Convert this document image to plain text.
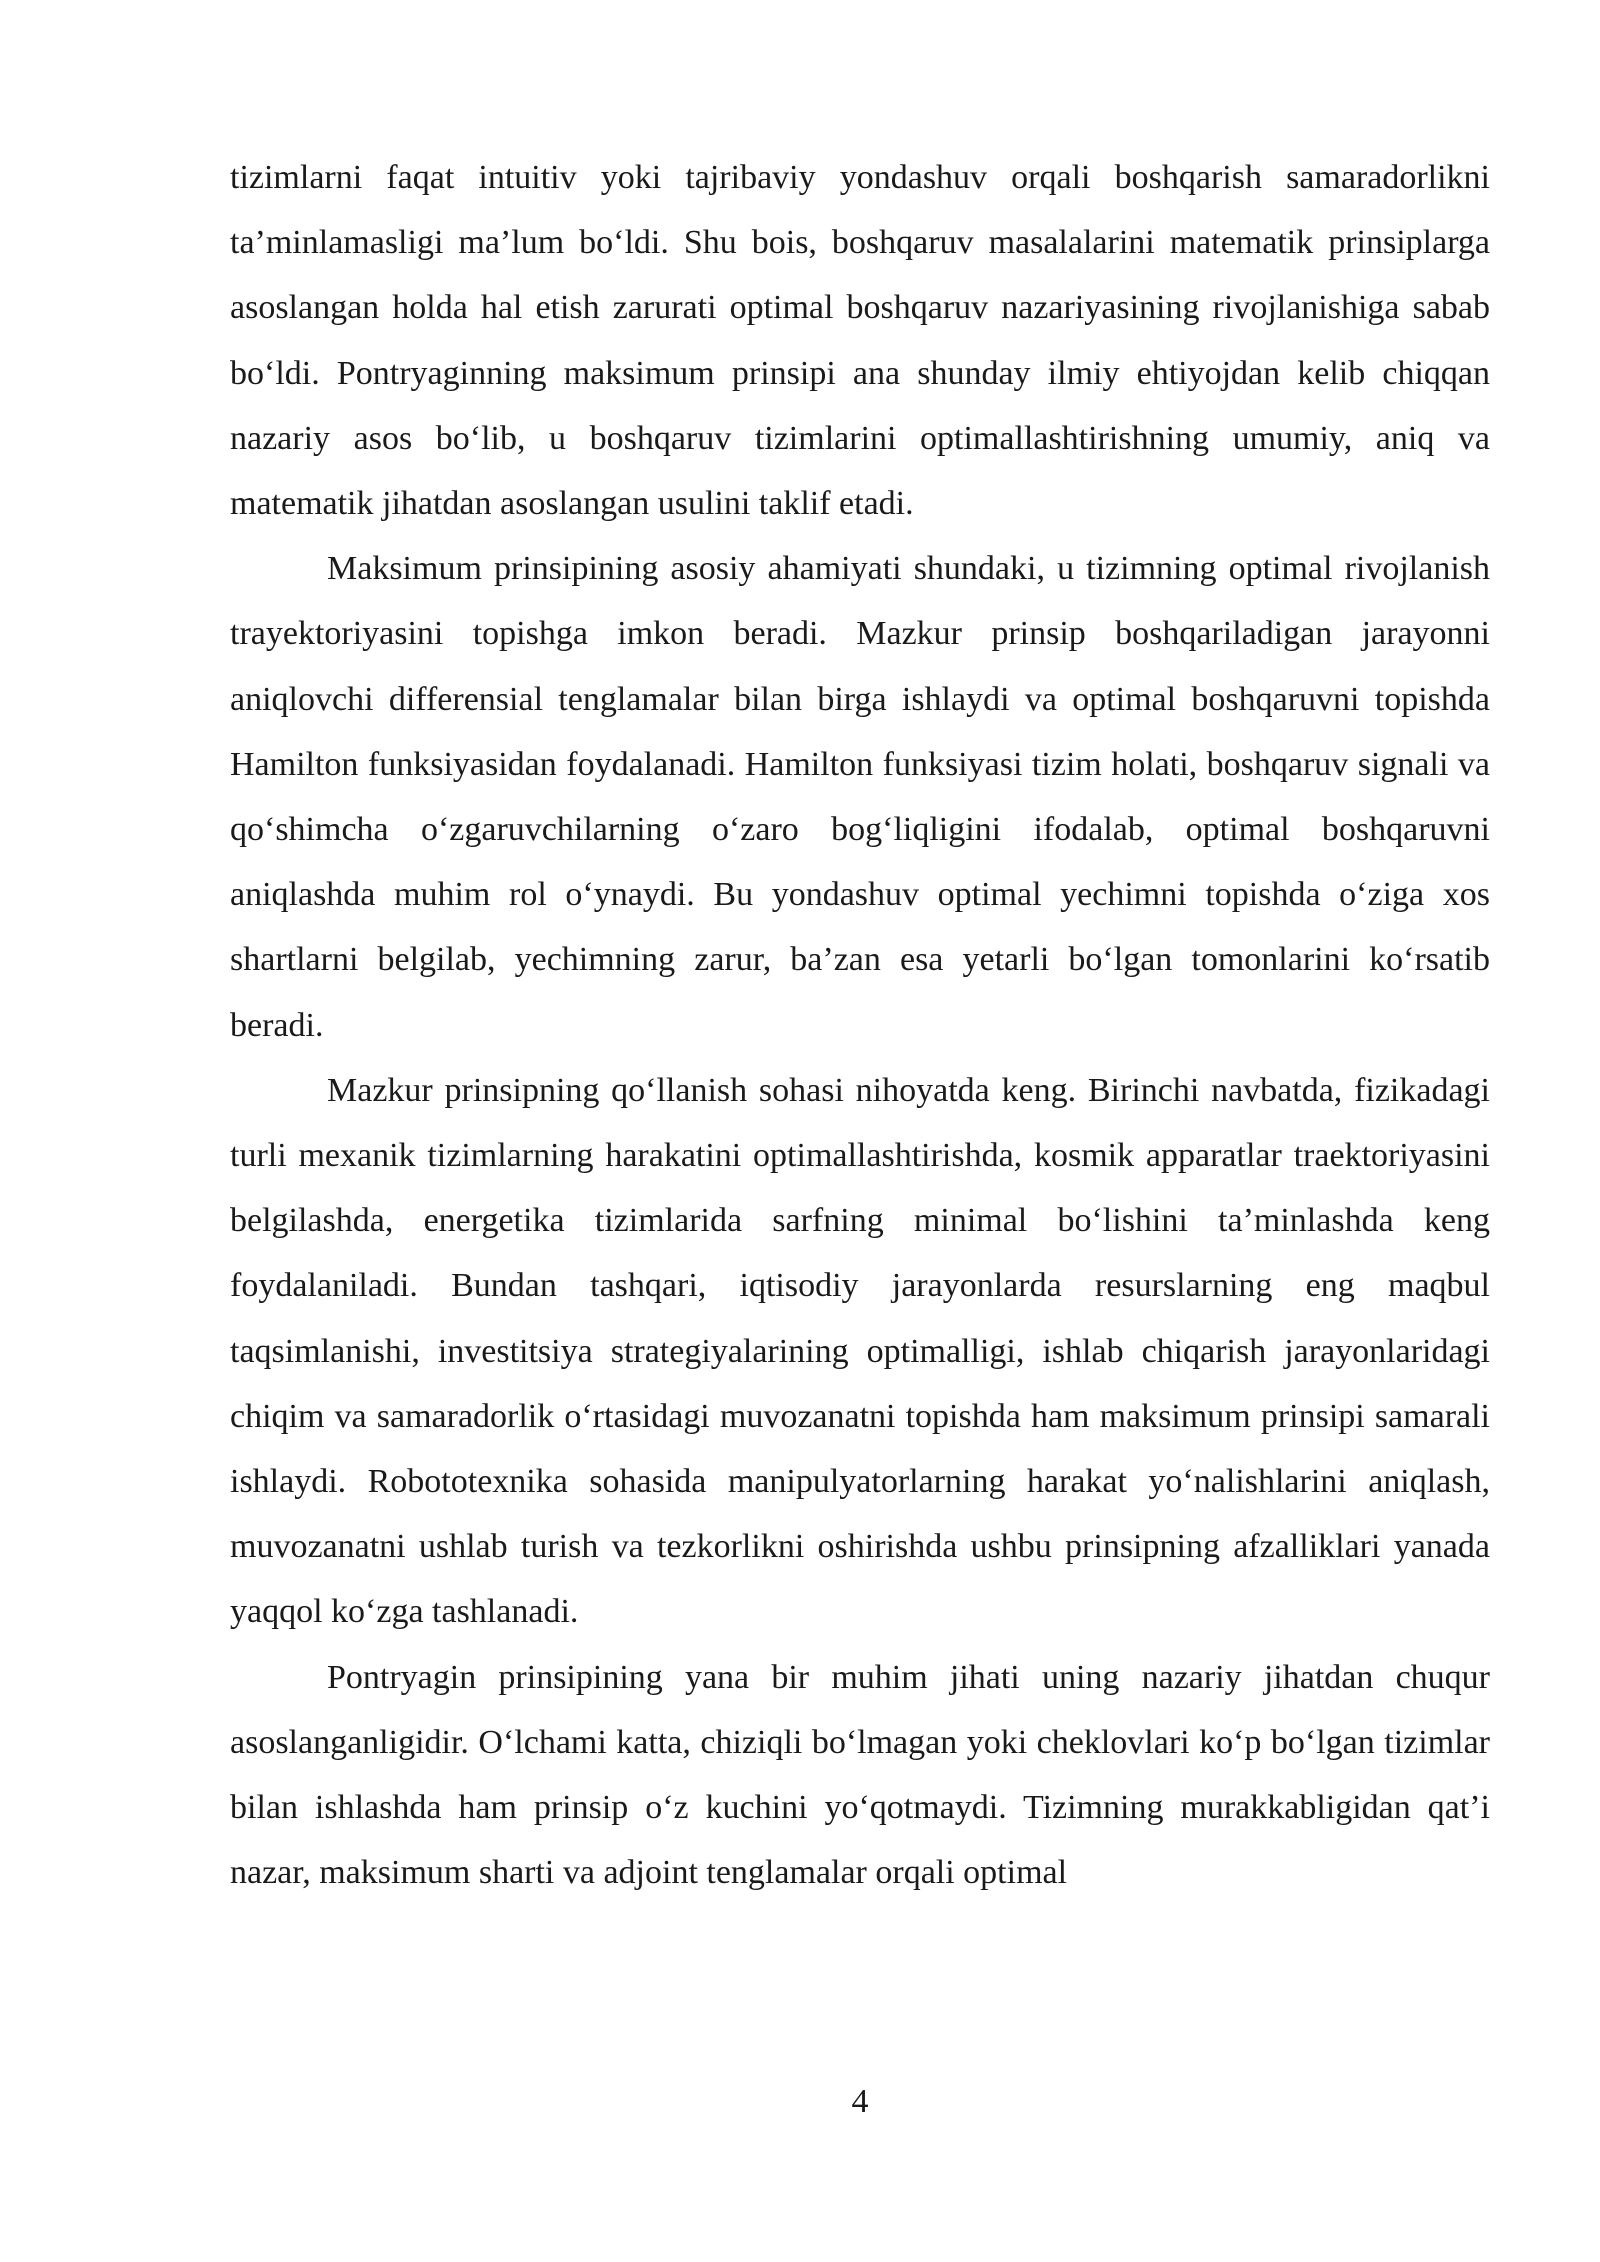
tizimlarni faqat intuitiv yoki tajribaviy yondashuv orqali boshqarish samaradorlikni ta’minlamasligi ma’lum bo‘ldi. Shu bois, boshqaruv masalalarini matematik prinsiplarga asoslangan holda hal etish zarurati optimal boshqaruv nazariyasining rivojlanishiga sabab bo‘ldi. Pontryaginning maksimum prinsipi ana shunday ilmiy ehtiyojdan kelib chiqqan nazariy asos bo‘lib, u boshqaruv tizimlarini optimallashtirishning umumiy, aniq va matematik jihatdan asoslangan usulini taklif etadi.

Maksimum prinsipining asosiy ahamiyati shundaki, u tizimning optimal rivojlanish trayektoriyasini topishga imkon beradi. Mazkur prinsip boshqariladigan jarayonni aniqlovchi differensial tenglamalar bilan birga ishlaydi va optimal boshqaruvni topishda Hamilton funksiyasidan foydalanadi. Hamilton funksiyasi tizim holati, boshqaruv signali va qo‘shimcha o‘zgaruvchilarning o‘zaro bog‘liqligini ifodalab, optimal boshqaruvni aniqlashda muhim rol o‘ynaydi. Bu yondashuv optimal yechimni topishda o‘ziga xos shartlarni belgilab, yechimning zarur, ba’zan esa yetarli bo‘lgan tomonlarini ko‘rsatib beradi.

Mazkur prinsipning qo‘llanish sohasi nihoyatda keng. Birinchi navbatda, fizikadagi turli mexanik tizimlarning harakatini optimallashtirishda, kosmik apparatlar traektoriyasini belgilashda, energetika tizimlarida sarfning minimal bo‘lishini ta’minlashda keng foydalaniladi. Bundan tashqari, iqtisodiy jarayonlarda resurslarning eng maqbul taqsimlanishi, investitsiya strategiyalarining optimalligi, ishlab chiqarish jarayonlaridagi chiqim va samaradorlik o‘rtasidagi muvozanatni topishda ham maksimum prinsipi samarali ishlaydi. Robototexnika sohasida manipulyatorlarning harakat yo‘nalishlarini aniqlash, muvozanatni ushlab turish va tezkorlikni oshirishda ushbu prinsipning afzalliklari yanada yaqqol ko‘zga tashlanadi.

Pontryagin prinsipining yana bir muhim jihati uning nazariy jihatdan chuqur asoslanganligidir. O‘lchami katta, chiziqli bo‘lmagan yoki cheklovlari ko‘p bo‘lgan tizimlar bilan ishlashda ham prinsip o‘z kuchini yo‘qotmaydi. Tizimning murakkabligidan qat’i nazar, maksimum sharti va adjoint tenglamalar orqali optimal

4
